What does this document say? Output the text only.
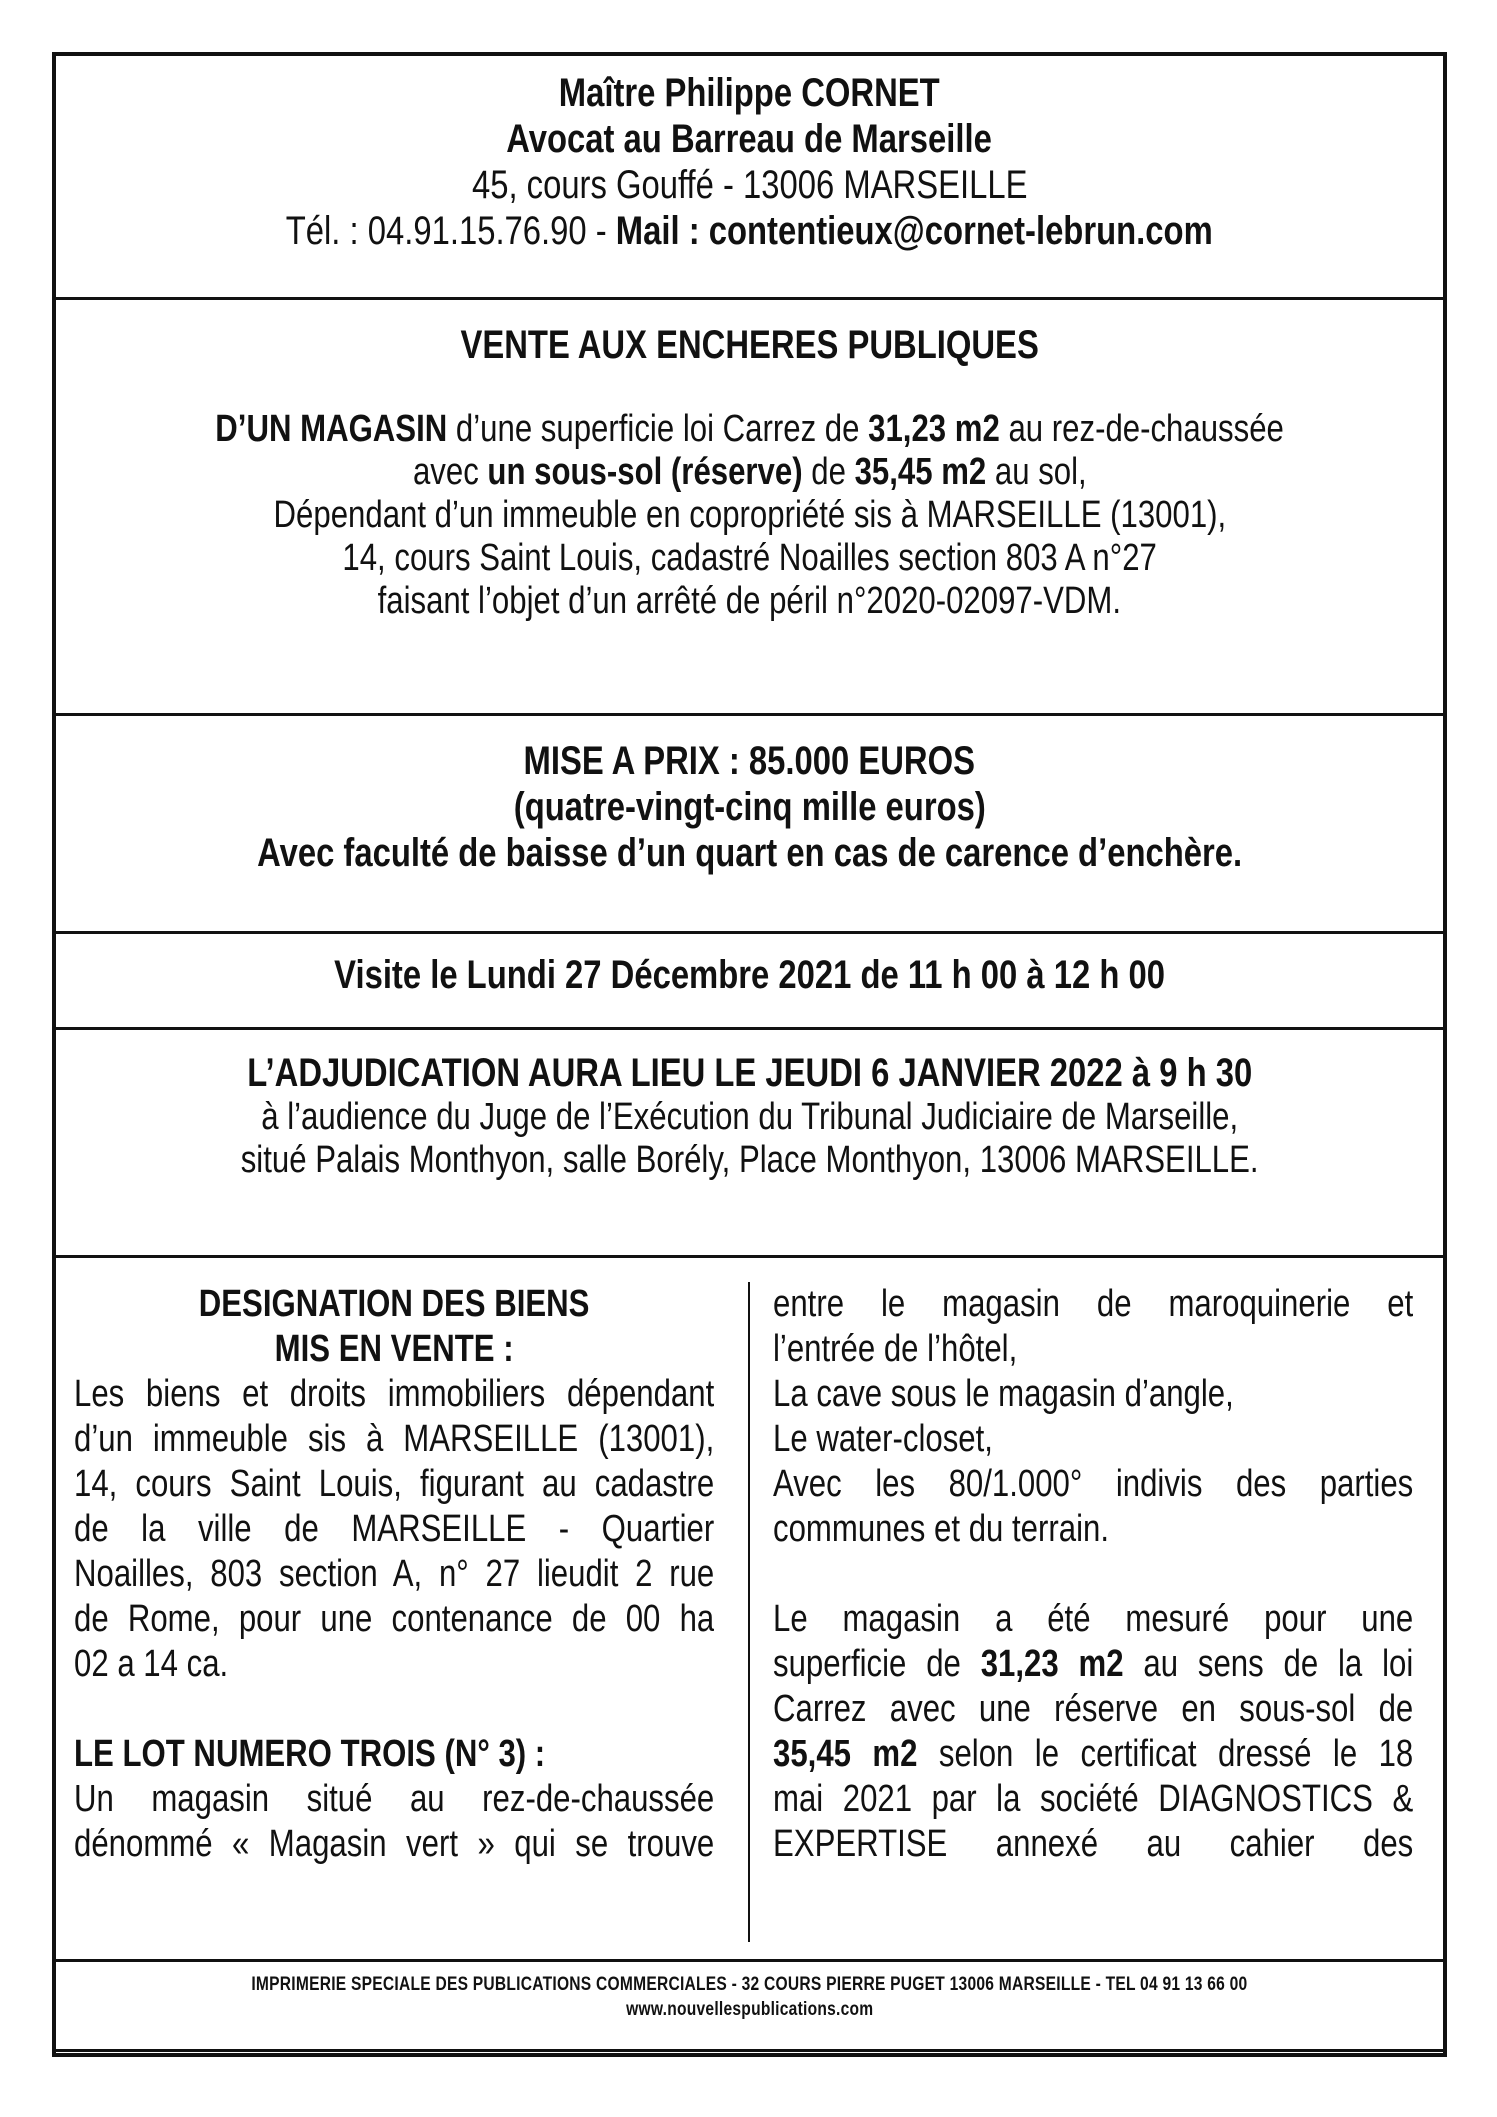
Maître Philippe CORNET
Avocat au Barreau de Marseille
45, cours Gouffé - 13006 MARSEILLE
Tél. : 04.91.15.76.90 - Mail : contentieux@cornet-lebrun.com
VENTE AUX ENCHERES PUBLIQUES
D’UN MAGASIN d’une superficie loi Carrez de 31,23 m2 au rez-de-chaussée
avec un sous-sol (réserve) de 35,45 m2 au sol,
Dépendant d’un immeuble en copropriété sis à MARSEILLE (13001),
14, cours Saint Louis, cadastré Noailles section 803 A n°27
faisant l’objet d’un arrêté de péril n°2020-02097-VDM.
MISE A PRIX : 85.000 EUROS
(quatre-vingt-cinq mille euros)
Avec faculté de baisse d’un quart en cas de carence d’enchère.
Visite le Lundi 27 Décembre 2021 de 11 h 00 à 12 h 00
L’ADJUDICATION AURA LIEU LE JEUDI 6 JANVIER 2022 à 9 h 30
à l’audience du Juge de l’Exécution du Tribunal Judiciaire de Marseille,
situé Palais Monthyon, salle Borély, Place Monthyon, 13006 MARSEILLE.
DESIGNATION DES BIENS
MIS EN VENTE :
Les biens et droits immobiliers dépendant
d’un immeuble sis à MARSEILLE (13001),
14, cours Saint Louis, figurant au cadastre
de la ville de MARSEILLE - Quartier
Noailles, 803 section A, n° 27 lieudit 2 rue
de Rome, pour une contenance de 00 ha
02 a 14 ca.
LE LOT NUMERO TROIS (N° 3) :
Un magasin situé au rez-de-chaussée
dénommé « Magasin vert » qui se trouve
entre le magasin de maroquinerie et
l’entrée de l’hôtel,
La cave sous le magasin d’angle,
Le water-closet,
Avec les 80/1.000° indivis des parties
communes et du terrain.
Le magasin a été mesuré pour une
superficie de 31,23 m2 au sens de la loi
Carrez avec une réserve en sous-sol de
35,45 m2 selon le certificat dressé le 18
mai 2021 par la société DIAGNOSTICS &
EXPERTISE annexé au cahier des
IMPRIMERIE SPECIALE DES PUBLICATIONS COMMERCIALES - 32 COURS PIERRE PUGET 13006 MARSEILLE - TEL 04 91 13 66 00
www.nouvellespublications.com
